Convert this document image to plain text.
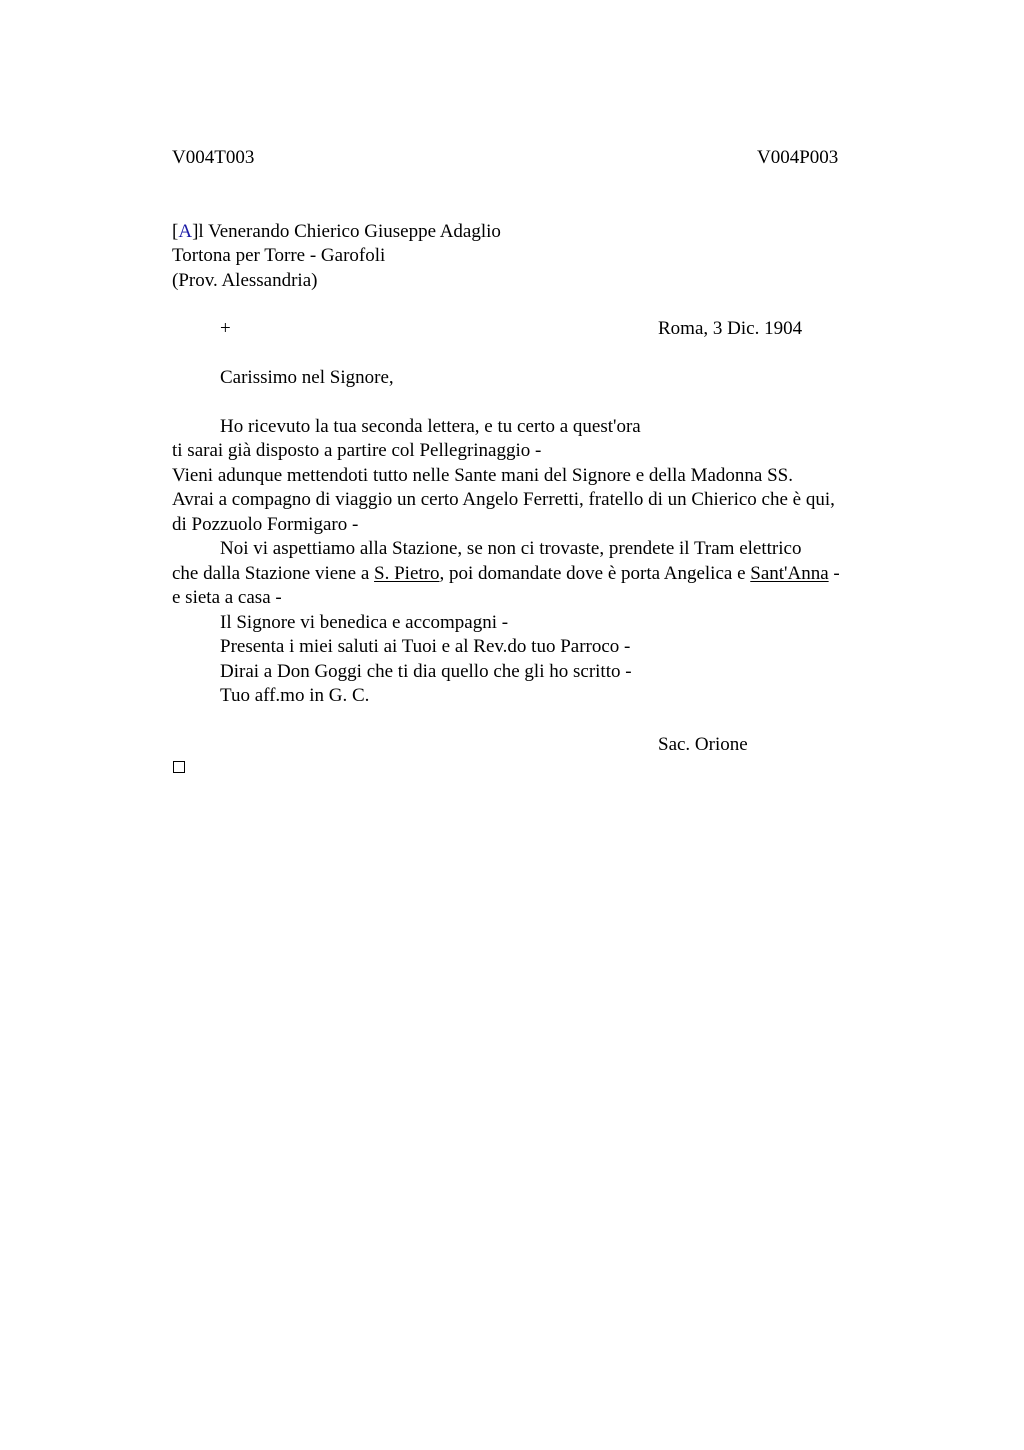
V004T003	V004P003
[A]l Venerando Chierico Giuseppe Adaglio
Tortona per Torre - Garofoli
(Prov. Alessandria)
+	Roma, 3 Dic. 1904
Carissimo nel Signore,
Ho ricevuto la tua seconda lettera, e tu certo a quest'ora
ti sarai già disposto a partire col Pellegrinaggio -
Vieni adunque mettendoti tutto nelle Sante mani del Signore e della Madonna SS.
Avrai a compagno di viaggio un certo Angelo Ferretti, fratello di un Chierico che è qui,
di Pozzuolo Formigaro -
Noi vi aspettiamo alla Stazione, se non ci trovaste, prendete il Tram elettrico
che dalla Stazione viene a S. Pietro, poi domandate dove è porta Angelica e Sant'Anna -
e sieta a casa -
Il Signore vi benedica e accompagni -
Presenta i miei saluti ai Tuoi e al Rev.do tuo Parroco -
Dirai a Don Goggi che ti dia quello che gli ho scritto -
Tuo aff.mo in G. C.
Sac. Orione
